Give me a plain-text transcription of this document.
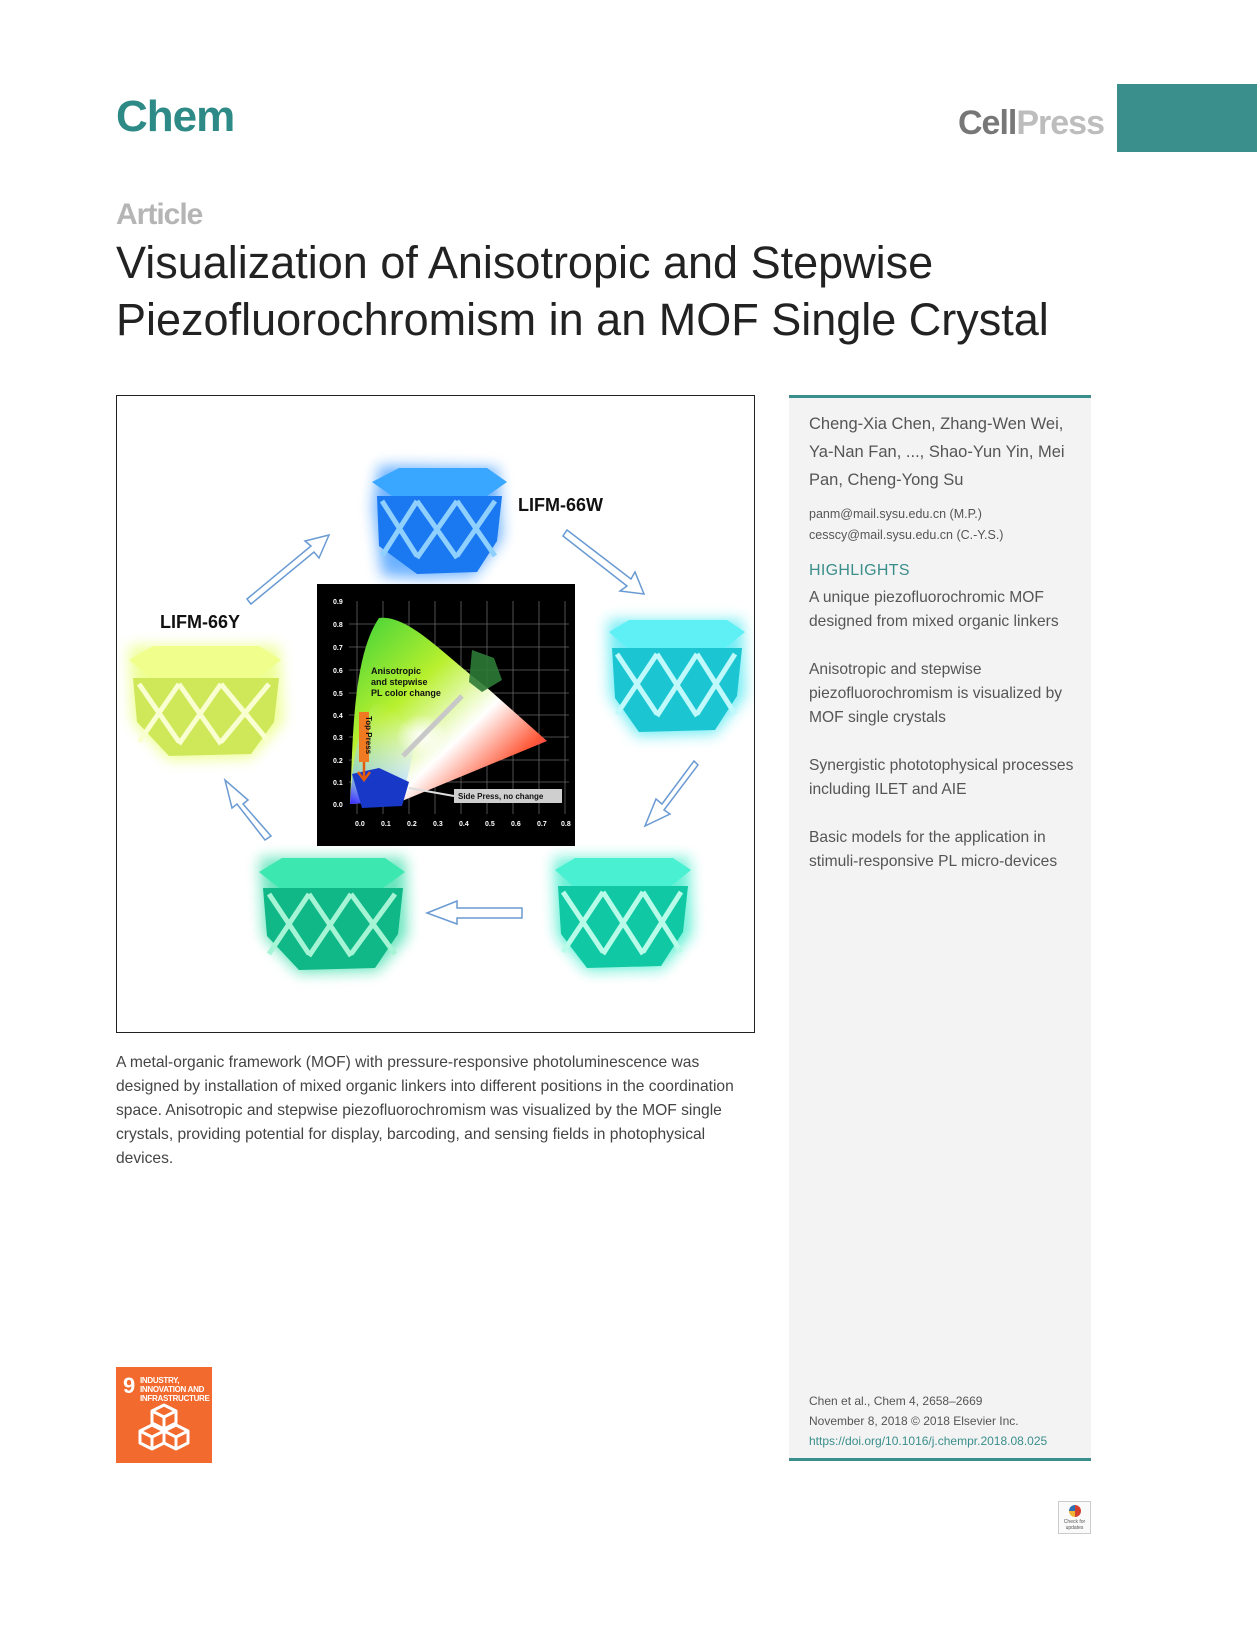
Chem	CellPress
Article
Visualization of Anisotropic and Stepwise Piezofluorochromism in an MOF Single Crystal
LIFM-66W
LIFM-66Y
Top Press
Side Press, no change
Anisotropic and stepwise PL color change
0.9
0.8
0.7
0.6
0.5
0.4
0.3
0.2
0.1
0.0
0.0 0.1 0.2 0.3 0.4 0.5 0.6 0.7 0.8

A metal-organic framework (MOF) with pressure-responsive photoluminescence was designed by installation of mixed organic linkers into different positions in the coordination space. Anisotropic and stepwise piezofluorochromism was visualized by the MOF single crystals, providing potential for display, barcoding, and sensing fields in photophysical devices.

Cheng-Xia Chen, Zhang-Wen Wei, Ya-Nan Fan, ..., Shao-Yun Yin, Mei Pan, Cheng-Yong Su

panm@mail.sysu.edu.cn (M.P.)
cesscy@mail.sysu.edu.cn (C.-Y.S.)
HIGHLIGHTS
A unique piezofluorochromic MOF designed from mixed organic linkers
Anisotropic and stepwise piezofluorochromism is visualized by MOF single crystals
Synergistic phototophysical processes including ILET and AIE
Basic models for the application in stimuli-responsive PL micro-devices
Chen et al., Chem 4, 2658–2669
November 8, 2018 © 2018 Elsevier Inc.
https://doi.org/10.1016/j.chempr.2018.08.025
9 INDUSTRY, INNOVATION AND INFRASTRUCTURE
Check for updates
